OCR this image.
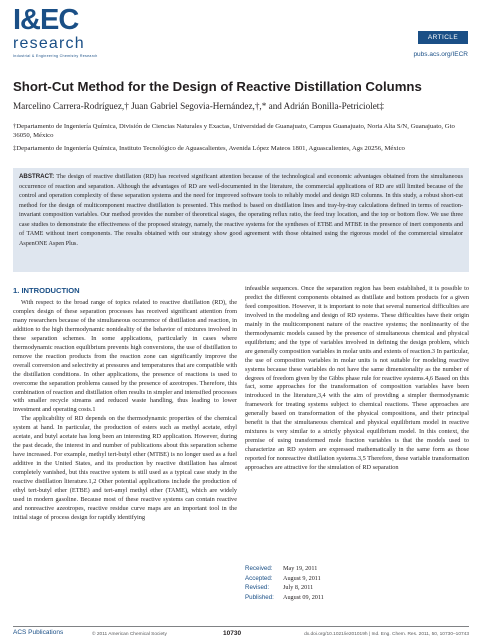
I&EC
research
Industrial & Engineering Chemistry Research
ARTICLE
pubs.acs.org/IECR
Short-Cut Method for the Design of Reactive Distillation Columns
Marcelino Carrera-Rodríguez,† Juan Gabriel Segovia-Hernández,†,* and Adrián Bonilla-Petriciolet‡
†Departamento de Ingeniería Química, División de Ciencias Naturales y Exactas, Universidad de Guanajuato, Campus Guanajuato, Noria Alta S/N, Guanajuato, Gto 36050, México
‡Departamento de Ingeniería Química, Instituto Tecnológico de Aguascalientes, Avenida López Mateos 1801, Aguascalientes, Ags 20256, México
ABSTRACT: The design of reactive distillation (RD) has received significant attention because of the technological and economic advantages obtained from the simultaneous occurrence of reaction and separation. Although the advantages of RD are well-documented in the literature, the commercial applications of RD are still limited because of the control and operation complexity of these separation systems and the need for improved software tools to reliably model and design RD columns. In this study, a robust short-cut method for the design of multicomponent reactive distillation is presented. This method is based on distillation lines and tray-by-tray calculations defined in terms of reaction-invariant composition variables. Our method provides the number of theoretical stages, the operating reflux ratio, the feed tray location, and the top or bottom flow. We use three case studies to demonstrate the effectiveness of the proposed strategy, namely, the reactive systems for the syntheses of ETBE and MTBE in the presence of inert components and of TAME without inert components. The results obtained with our strategy show good agreement with those obtained using the rigorous model of the commercial simulator AspenONE Aspen Plus.
1. INTRODUCTION

With respect to the broad range of topics related to reactive distillation (RD), the complex design of these separation processes has received significant attention from many researchers because of the simultaneous occurrence of distillation and reaction, in addition to the high thermodynamic nonideality of the behavior of mixtures involved in these separation schemes. In some applications, particularly in cases where thermodynamic reaction equilibrium prevents high conversions, the use of distillation to remove the reaction products from the reaction zone can significantly improve the overall conversion and selectivity at pressures and temperatures that are compatible with the distillation conditions. In other applications, the presence of reactions is used to overcome the separation problems caused by the presence of azeotropes. Therefore, this combination of reaction and distillation often results in simpler and intensified processes with smaller recycle streams and reduced waste handling, thus leading to lower investment and operating costs.1

The applicability of RD depends on the thermodynamic properties of the chemical system at hand. In particular, the production of esters such as methyl acetate, ethyl acetate, and butyl acetate has long been an interesting RD application. However, during the past decade, the interest in and number of publications about this separation scheme have increased. For example, methyl tert-butyl ether (MTBE) is no longer used as a fuel additive in the United States, and its production by reactive distillation has almost completely vanished, but this reactive system is still used as a typical case study in the reactive distillation literature.1,2 Other potential applications include the production of ethyl tert-butyl ether (ETBE) and tert-amyl methyl ether (TAME), which are widely used in modern gasoline. Because most of these reactive systems can contain reactive and nonreactive azeotropes, reactive residue curve maps are an important tool in the initial stage of process design for rapidly identifying

infeasible sequences. Once the separation region has been established, it is possible to predict the different components obtained as distillate and bottom products for a given feed composition. However, it is important to note that several numerical difficulties are involved in the modeling and design of RD systems. These difficulties have their origin mainly in the multicomponent nature of the reactive systems; the nonlinearity of the thermodynamic models caused by the presence of simultaneous chemical and physical equilibrium; and the type of variables involved in defining the design problem, which are generally composition variables in molar units and extents of reaction.3 In particular, the use of composition variables in molar units is not suitable for modeling reactive systems because these variables do not have the same dimensionality as the number of degrees of freedom given by the Gibbs phase rule for reactive systems.4,6 Based on this fact, some approaches for the transformation of composition variables have been introduced in the literature,3,4 with the aim of providing a simpler thermodynamic framework for treating systems subject to chemical reactions. These approaches are generally based on transformation of the physical compositions, and their principal benefit is that the simultaneous chemical and physical equilibrium model in reactive mixtures is very similar to a strictly physical equilibrium model. In this context, the premise of using transformed mole fraction variables is that the models used to characterize an RD system are expressed mathematically in the same form as those reported for nonreactive distillation systems.3,5 Therefore, these variable transformation approaches are attractive for the simulation of RD separation

Received:	May 19, 2011
Accepted:	August 9, 2011
Revised:	July 8, 2011
Published:	August 09, 2011
ACS Publications	© 2011 American Chemical Society	10730	dx.doi.org/10.1021/ie201019h | Ind. Eng. Chem. Res. 2011, 50, 10730–10743
